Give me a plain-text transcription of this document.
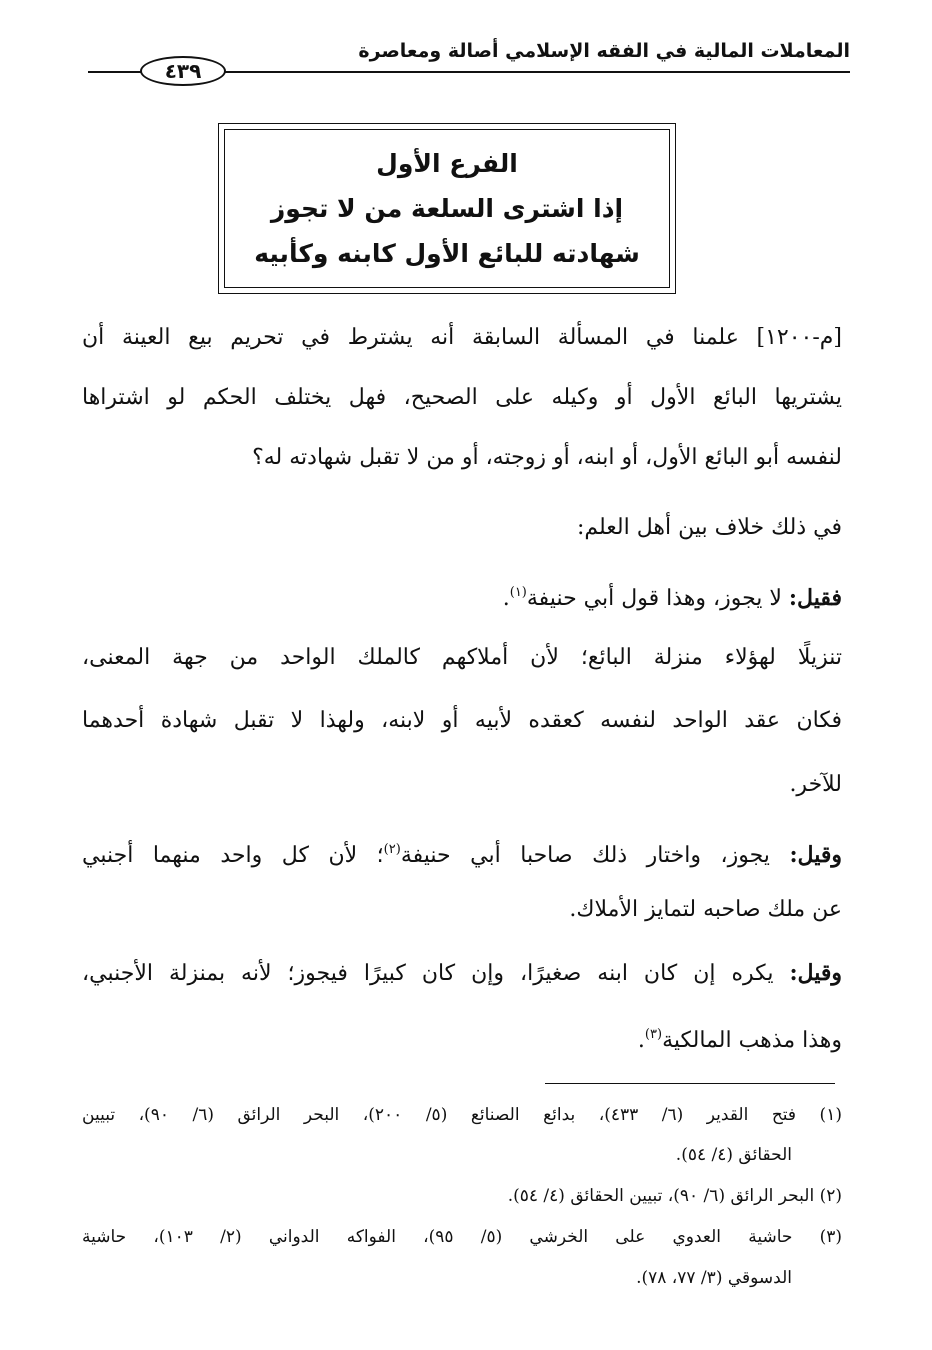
المعاملات المالية في الفقه الإسلامي أصالة ومعاصرة
٤٣٩
الفرع الأول
إذا اشترى السلعة من لا تجوز
شهادته للبائع الأول كابنه وكأبيه
[م-١٢٠٠] علمنا في المسألة السابقة أنه يشترط في تحريم بيع العينة أن
يشتريها البائع الأول أو وكيله على الصحيح، فهل يختلف الحكم لو اشتراها
لنفسه أبو البائع الأول، أو ابنه، أو زوجته، أو من لا تقبل شهادته له؟
في ذلك خلاف بين أهل العلم:
فقيل: لا يجوز، وهذا قول أبي حنيفة$^{(١)}$.
تنزيلًا لهؤلاء منزلة البائع؛ لأن أملاكهم كالملك الواحد من جهة المعنى،
فكان عقد الواحد لنفسه كعقده لأبيه أو لابنه، ولهذا لا تقبل شهادة أحدهما
للآخر.
وقيل: يجوز، واختار ذلك صاحبا أبي حنيفة$^{(٢)}$؛ لأن كل واحد منهما أجنبي
عن ملك صاحبه لتمايز الأملاك.
وقيل: يكره إن كان ابنه صغيرًا، وإن كان كبيرًا فيجوز؛ لأنه بمنزلة الأجنبي،
وهذا مذهب المالكية$^{(٣)}$.
(١) فتح القدير (٦/ ٤٣٣)، بدائع الصنائع (٥/ ٢٠٠)، البحر الرائق (٦/ ٩٠)، تبيين
الحقائق (٤/ ٥٤).
(٢) البحر الرائق (٦/ ٩٠)، تبيين الحقائق (٤/ ٥٤).
(٣) حاشية العدوي على الخرشي (٥/ ٩٥)، الفواكه الدواني (٢/ ١٠٣)، حاشية
الدسوقي (٣/ ٧٧، ٧٨).
